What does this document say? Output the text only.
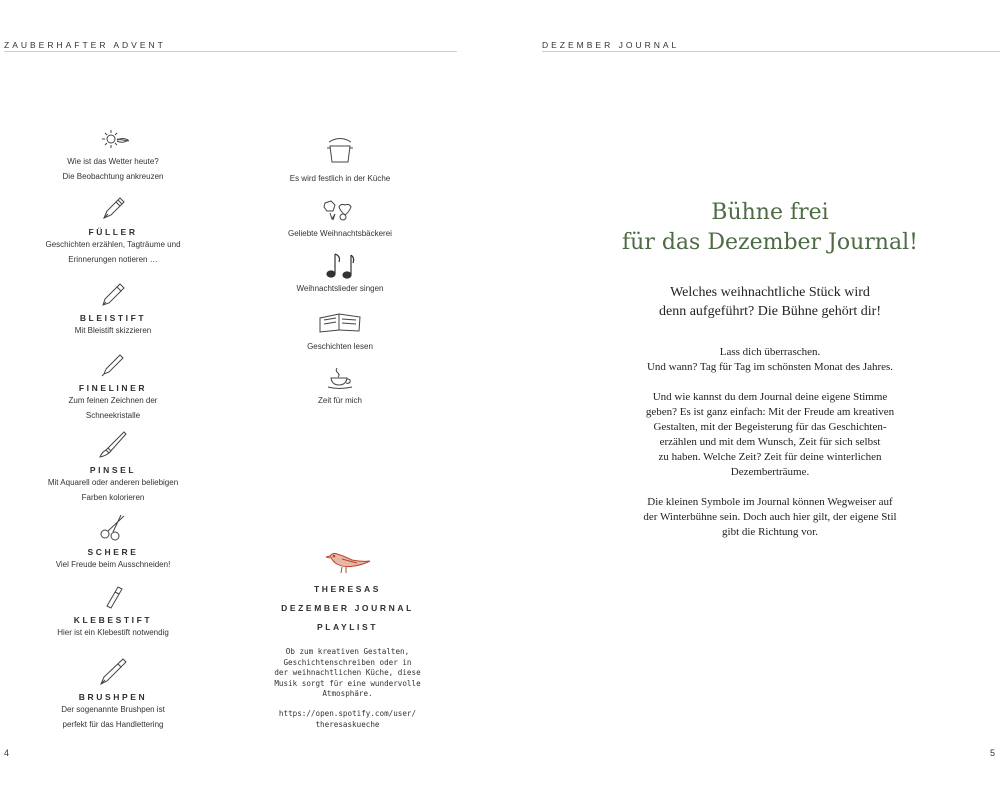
ZAUBERHAFTER ADVENT
Wie ist das Wetter heute?
Die Beobachtung ankreuzen
FÜLLER
Geschichten erzählen, Tagträume und
Erinnerungen notieren …
BLEISTIFT
Mit Bleistift skizzieren
FINELINER
Zum feinen Zeichnen der
Schneekristalle
PINSEL
Mit Aquarell oder anderen beliebigen
Farben kolorieren
SCHERE
Viel Freude beim Ausschneiden!
KLEBESTIFT
Hier ist ein Klebestift notwendig
BRUSHPEN
Der sogenannte Brushpen ist
perfekt für das Handlettering
Es wird festlich in der Küche
Geliebte Weihnachtsbäckerei
Weihnachtslieder singen
Geschichten lesen
Zeit für mich
THERESAS
DEZEMBER JOURNAL
PLAYLIST
Ob zum kreativen Gestalten,
Geschichtenschreiben oder in
der weihnachtlichen Küche, diese
Musik sorgt für eine wundervolle
Atmosphäre.
https://open.spotify.com/user/
theresaskueche
4
DEZEMBER JOURNAL
Bühne frei
für das Dezember Journal!
Welches weihnachtliche Stück wird
denn aufgeführt? Die Bühne gehört dir!
Lass dich überraschen.
Und wann? Tag für Tag im schönsten Monat des Jahres.
Und wie kannst du dem Journal deine eigene Stimme
geben? Es ist ganz einfach: Mit der Freude am kreativen
Gestalten, mit der Begeisterung für das Geschichten-
erzählen und mit dem Wunsch, Zeit für sich selbst
zu haben. Welche Zeit? Zeit für deine winterlichen
Dezemberträume.
Die kleinen Symbole im Journal können Wegweiser auf
der Winterbühne sein. Doch auch hier gilt, der eigene Stil
gibt die Richtung vor.
5
